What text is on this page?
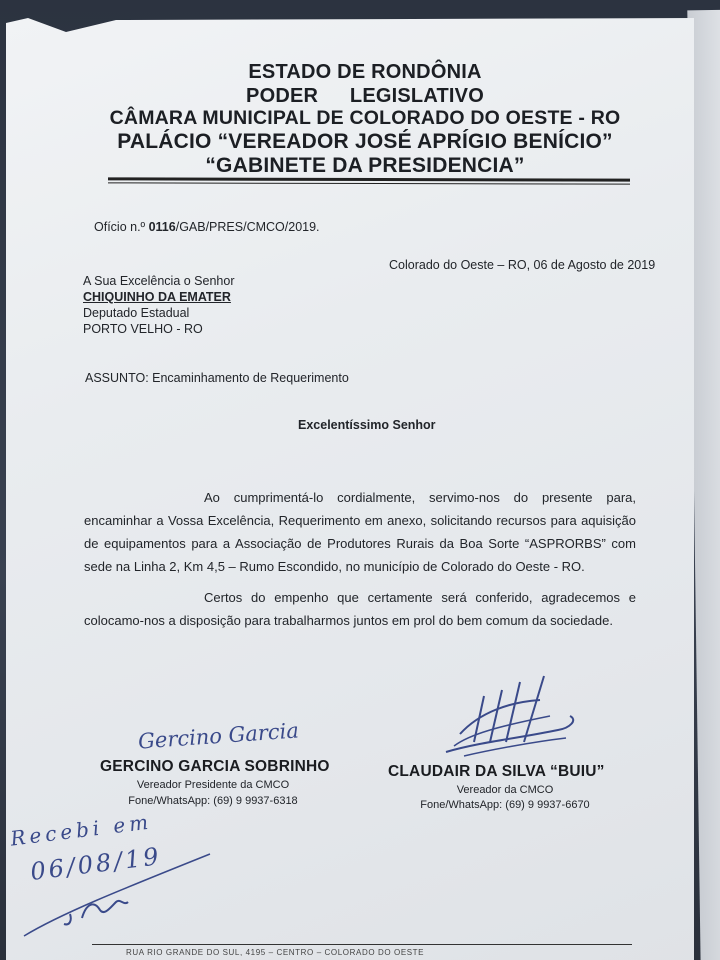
ESTADO DE RONDÔNIA
PODER LEGISLATIVO
CÂMARA MUNICIPAL DE COLORADO DO OESTE - RO
PALÁCIO “VEREADOR JOSÉ APRÍGIO BENÍCIO”
“GABINETE DA PRESIDENCIA”
Ofício n.º 0116/GAB/PRES/CMCO/2019.
Colorado do Oeste – RO, 06 de Agosto de 2019
A Sua Excelência o Senhor
CHIQUINHO DA EMATER
Deputado Estadual
PORTO VELHO - RO
ASSUNTO: Encaminhamento de Requerimento
Excelentíssimo Senhor
Ao cumprimentá-lo cordialmente, servimo-nos do presente para, encaminhar a Vossa Excelência, Requerimento em anexo, solicitando recursos para aquisição de equipamentos para a Associação de Produtores Rurais da Boa Sorte “ASPRORBS” com sede na Linha 2, Km 4,5 – Rumo Escondido, no município de Colorado do Oeste - RO.
Certos do empenho que certamente será conferido, agradecemos e colocamo-nos a disposição para trabalharmos juntos em prol do bem comum da sociedade.
Gercino Garcia
GERCINO GARCIA SOBRINHO
Vereador Presidente da CMCO
Fone/WhatsApp: (69) 9 9937-6318
CLAUDAIR DA SILVA “BUIU”
Vereador da CMCO
Fone/WhatsApp: (69) 9 9937-6670
Recebi em
06/08/19
RUA RIO GRANDE DO SUL, 4195 – CENTRO – COLORADO DO OESTE
